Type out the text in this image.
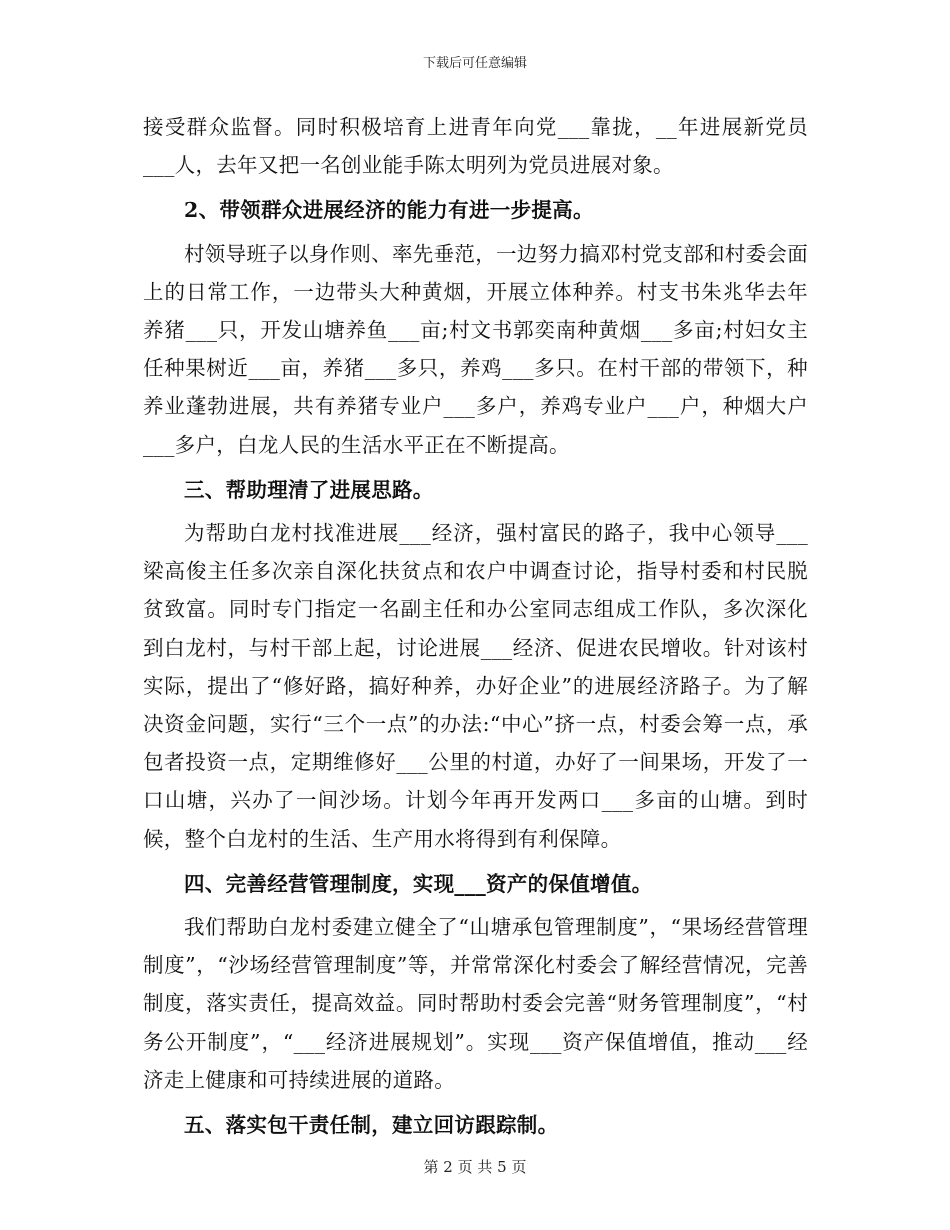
下载后可任意编辑

接受群众监督。同时积极培育上进青年向党___靠拢，__年进展新党员___人，去年又把一名创业能手陈太明列为党员进展对象。

2、带领群众进展经济的能力有进一步提高。

村领导班子以身作则、率先垂范，一边努力搞邓村党支部和村委会面上的日常工作，一边带头大种黄烟，开展立体种养。村支书朱兆华去年养猪___只，开发山塘养鱼___亩;村文书郭奕南种黄烟___多亩;村妇女主任种果树近___亩，养猪___多只，养鸡___多只。在村干部的带领下，种养业蓬勃进展，共有养猪专业户___多户，养鸡专业户___户，种烟大户___多户，白龙人民的生活水平正在不断提高。

三、帮助理清了进展思路。

为帮助白龙村找准进展___经济，强村富民的路子，我中心领导___梁高俊主任多次亲自深化扶贫点和农户中调查讨论，指导村委和村民脱贫致富。同时专门指定一名副主任和办公室同志组成工作队，多次深化到白龙村，与村干部上起，讨论进展___经济、促进农民增收。针对该村实际，提出了“修好路，搞好种养，办好企业”的进展经济路子。为了解决资金问题，实行“三个一点”的办法:“中心”挤一点，村委会筹一点，承包者投资一点，定期维修好___公里的村道，办好了一间果场，开发了一口山塘，兴办了一间沙场。计划今年再开发两口___多亩的山塘。到时候，整个白龙村的生活、生产用水将得到有利保障。

四、完善经营管理制度，实现___资产的保值增值。

我们帮助白龙村委建立健全了“山塘承包管理制度”，“果场经营管理制度”，“沙场经营管理制度”等，并常常深化村委会了解经营情况，完善制度，落实责任，提高效益。同时帮助村委会完善“财务管理制度”，“村务公开制度”，“___经济进展规划”。实现___资产保值增值，推动___经济走上健康和可持续进展的道路。

五、落实包干责任制，建立回访跟踪制。

第 2 页 共 5 页
